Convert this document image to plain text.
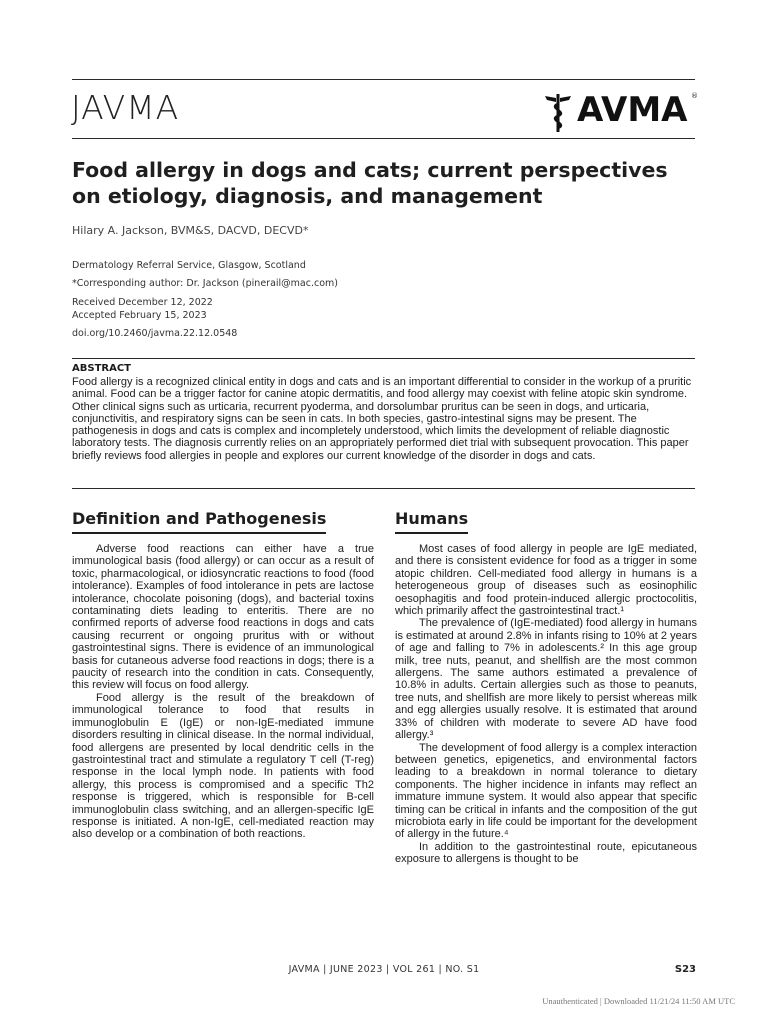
JAVMA	AVMA ®
Food allergy in dogs and cats; current perspectives on etiology, diagnosis, and management

Hilary A. Jackson, BVM&S, DACVD, DECVD*

Dermatology Referral Service, Glasgow, Scotland

*Corresponding author: Dr. Jackson (pinerail@mac.com)

Received December 12, 2022

Accepted February 15, 2023

doi.org/10.2460/javma.22.12.0548

ABSTRACT

Food allergy is a recognized clinical entity in dogs and cats and is an important differential to consider in the workup of a pruritic animal. Food can be a trigger factor for canine atopic dermatitis, and food allergy may coexist with feline atopic skin syndrome. Other clinical signs such as urticaria, recurrent pyoderma, and dorsolumbar pruritus can be seen in dogs, and urticaria, conjunctivitis, and respiratory signs can be seen in cats. In both species, gastro-intestinal signs may be present. The pathogenesis in dogs and cats is complex and incompletely understood, which limits the development of reliable diagnostic laboratory tests. The diagnosis currently relies on an appropriately performed diet trial with subsequent provocation. This paper briefly reviews food allergies in people and explores our current knowledge of the disorder in dogs and cats.

Definition and Pathogenesis

Adverse food reactions can either have a true immunological basis (food allergy) or can occur as a result of toxic, pharmacological, or idiosyncratic reactions to food (food intolerance). Examples of food intolerance in pets are lactose intolerance, chocolate poisoning (dogs), and bacterial toxins contaminating diets leading to enteritis. There are no confirmed reports of adverse food reactions in dogs and cats causing recurrent or ongoing pruritus with or without gastrointestinal signs. There is evidence of an immunological basis for cutaneous adverse food reactions in dogs; there is a paucity of research into the condition in cats. Consequently, this review will focus on food allergy.

Food allergy is the result of the breakdown of immunological tolerance to food that results in immunoglobulin E (IgE) or non-IgE-mediated immune disorders resulting in clinical disease. In the normal individual, food allergens are presented by local dendritic cells in the gastrointestinal tract and stimulate a regulatory T cell (T-reg) response in the local lymph node. In patients with food allergy, this process is compromised and a specific Th2 response is triggered, which is responsible for B-cell immunoglobulin class switching, and an allergen-specific IgE response is initiated. A non-IgE, cell-mediated reaction may also develop or a combination of both reactions.

Humans

Most cases of food allergy in people are IgE mediated, and there is consistent evidence for food as a trigger in some atopic children. Cell-mediated food allergy in humans is a heterogeneous group of diseases such as eosinophilic oesophagitis and food protein-induced allergic proctocolitis, which primarily affect the gastrointestinal tract.¹

The prevalence of (IgE-mediated) food allergy in humans is estimated at around 2.8% in infants rising to 10% at 2 years of age and falling to 7% in adolescents.² In this age group milk, tree nuts, peanut, and shellfish are the most common allergens. The same authors estimated a prevalence of 10.8% in adults. Certain allergies such as those to peanuts, tree nuts, and shellfish are more likely to persist whereas milk and egg allergies usually resolve. It is estimated that around 33% of children with moderate to severe AD have food allergy.³

The development of food allergy is a complex interaction between genetics, epigenetics, and environmental factors leading to a breakdown in normal tolerance to dietary components. The higher incidence in infants may reflect an immature immune system. It would also appear that specific timing can be critical in infants and the composition of the gut microbiota early in life could be important for the development of allergy in the future.⁴

In addition to the gastrointestinal route, epicutaneous exposure to allergens is thought to be

JAVMA | JUNE 2023 | VOL 261 | NO. S1	S23

Unauthenticated | Downloaded 11/21/24 11:50 AM UTC
